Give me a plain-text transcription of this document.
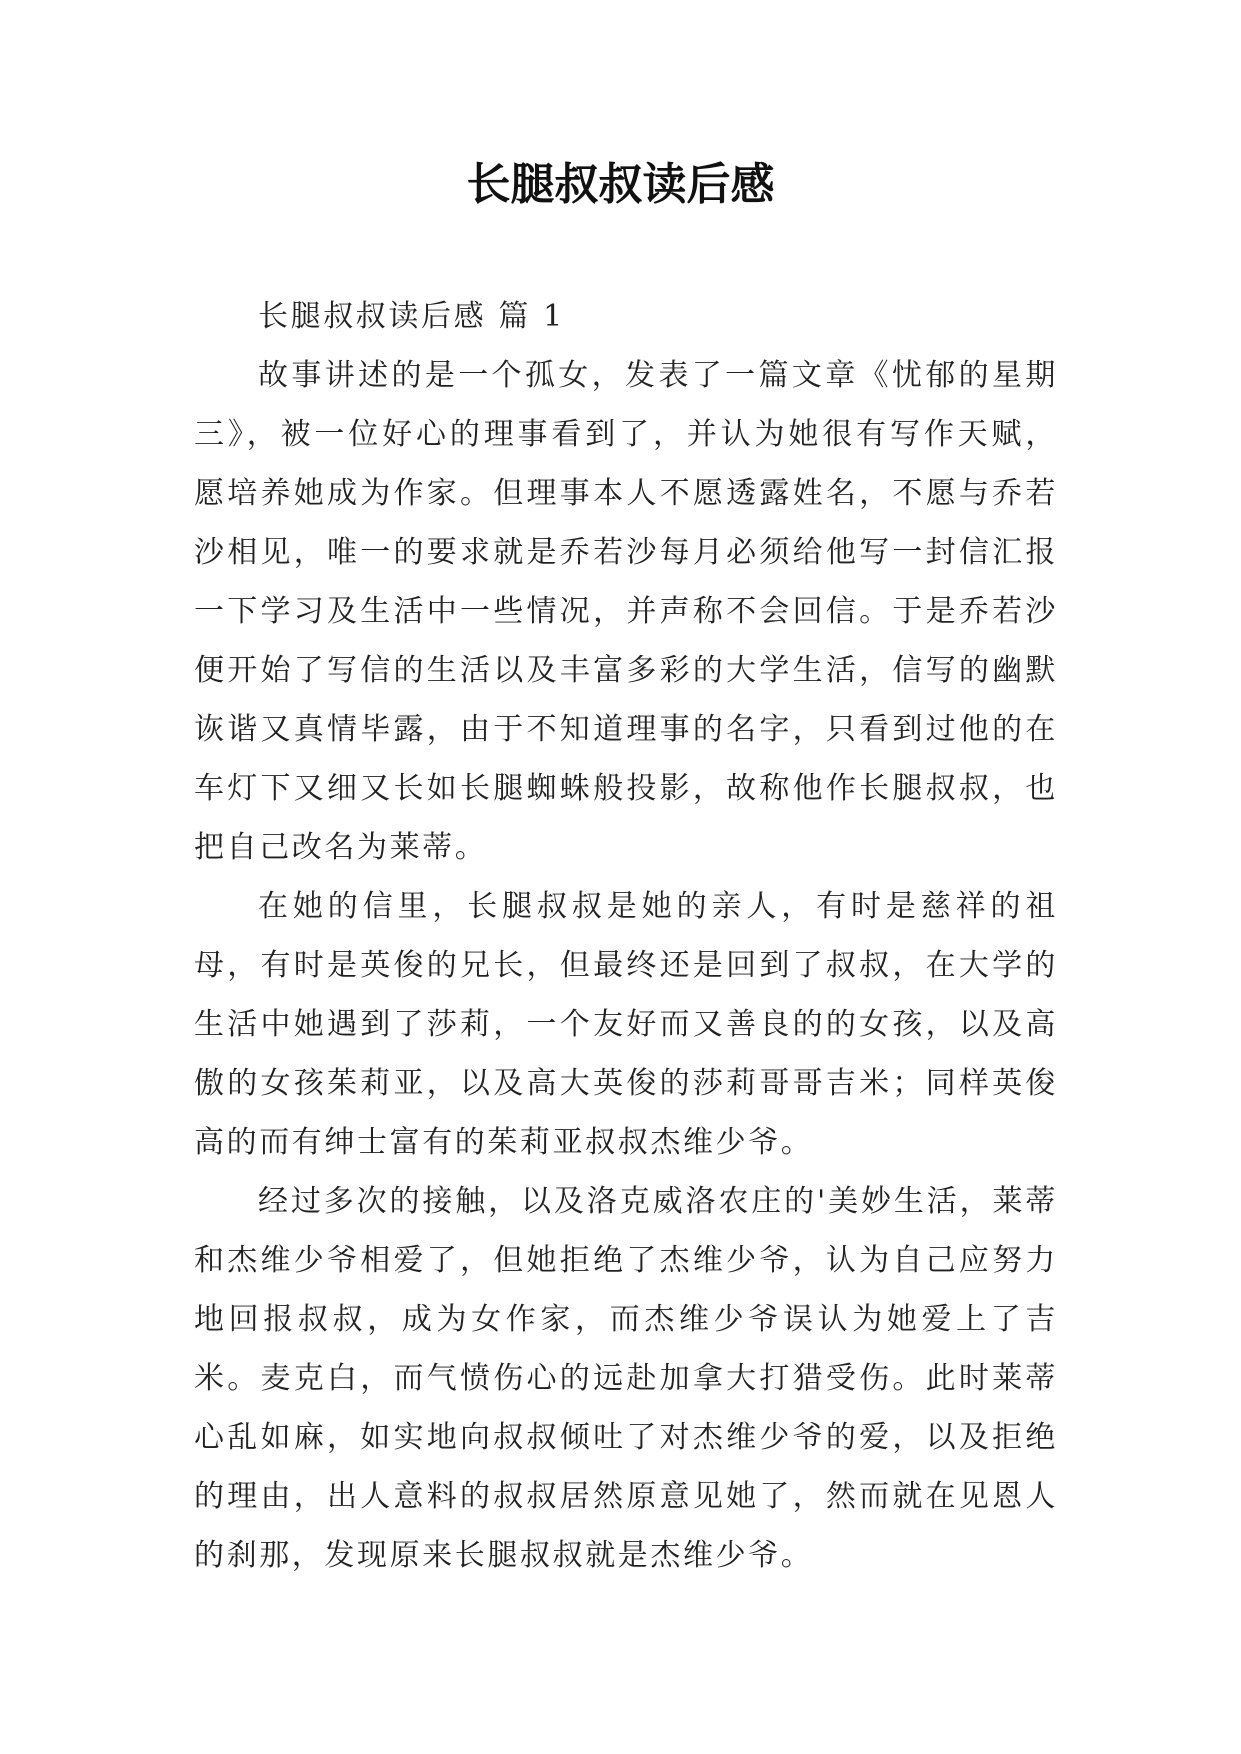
长腿叔叔读后感

长腿叔叔读后感 篇 1

故事讲述的是一个孤女，发表了一篇文章《忧郁的星期三》，被一位好心的理事看到了，并认为她很有写作天赋，愿培养她成为作家。但理事本人不愿透露姓名，不愿与乔若沙相见，唯一的要求就是乔若沙每月必须给他写一封信汇报一下学习及生活中一些情况，并声称不会回信。于是乔若沙便开始了写信的生活以及丰富多彩的大学生活，信写的幽默诙谐又真情毕露，由于不知道理事的名字，只看到过他的在车灯下又细又长如长腿蜘蛛般投影，故称他作长腿叔叔，也把自己改名为莱蒂。

在她的信里，长腿叔叔是她的亲人，有时是慈祥的祖母，有时是英俊的兄长，但最终还是回到了叔叔，在大学的生活中她遇到了莎莉，一个友好而又善良的的女孩，以及高傲的女孩茱莉亚，以及高大英俊的莎莉哥哥吉米；同样英俊高的而有绅士富有的茱莉亚叔叔杰维少爷。

经过多次的接触，以及洛克威洛农庄的'美妙生活，莱蒂和杰维少爷相爱了，但她拒绝了杰维少爷，认为自己应努力地回报叔叔，成为女作家，而杰维少爷误认为她爱上了吉米。麦克白，而气愤伤心的远赴加拿大打猎受伤。此时莱蒂心乱如麻，如实地向叔叔倾吐了对杰维少爷的爱，以及拒绝的理由，出人意料的叔叔居然原意见她了，然而就在见恩人的刹那，发现原来长腿叔叔就是杰维少爷。
